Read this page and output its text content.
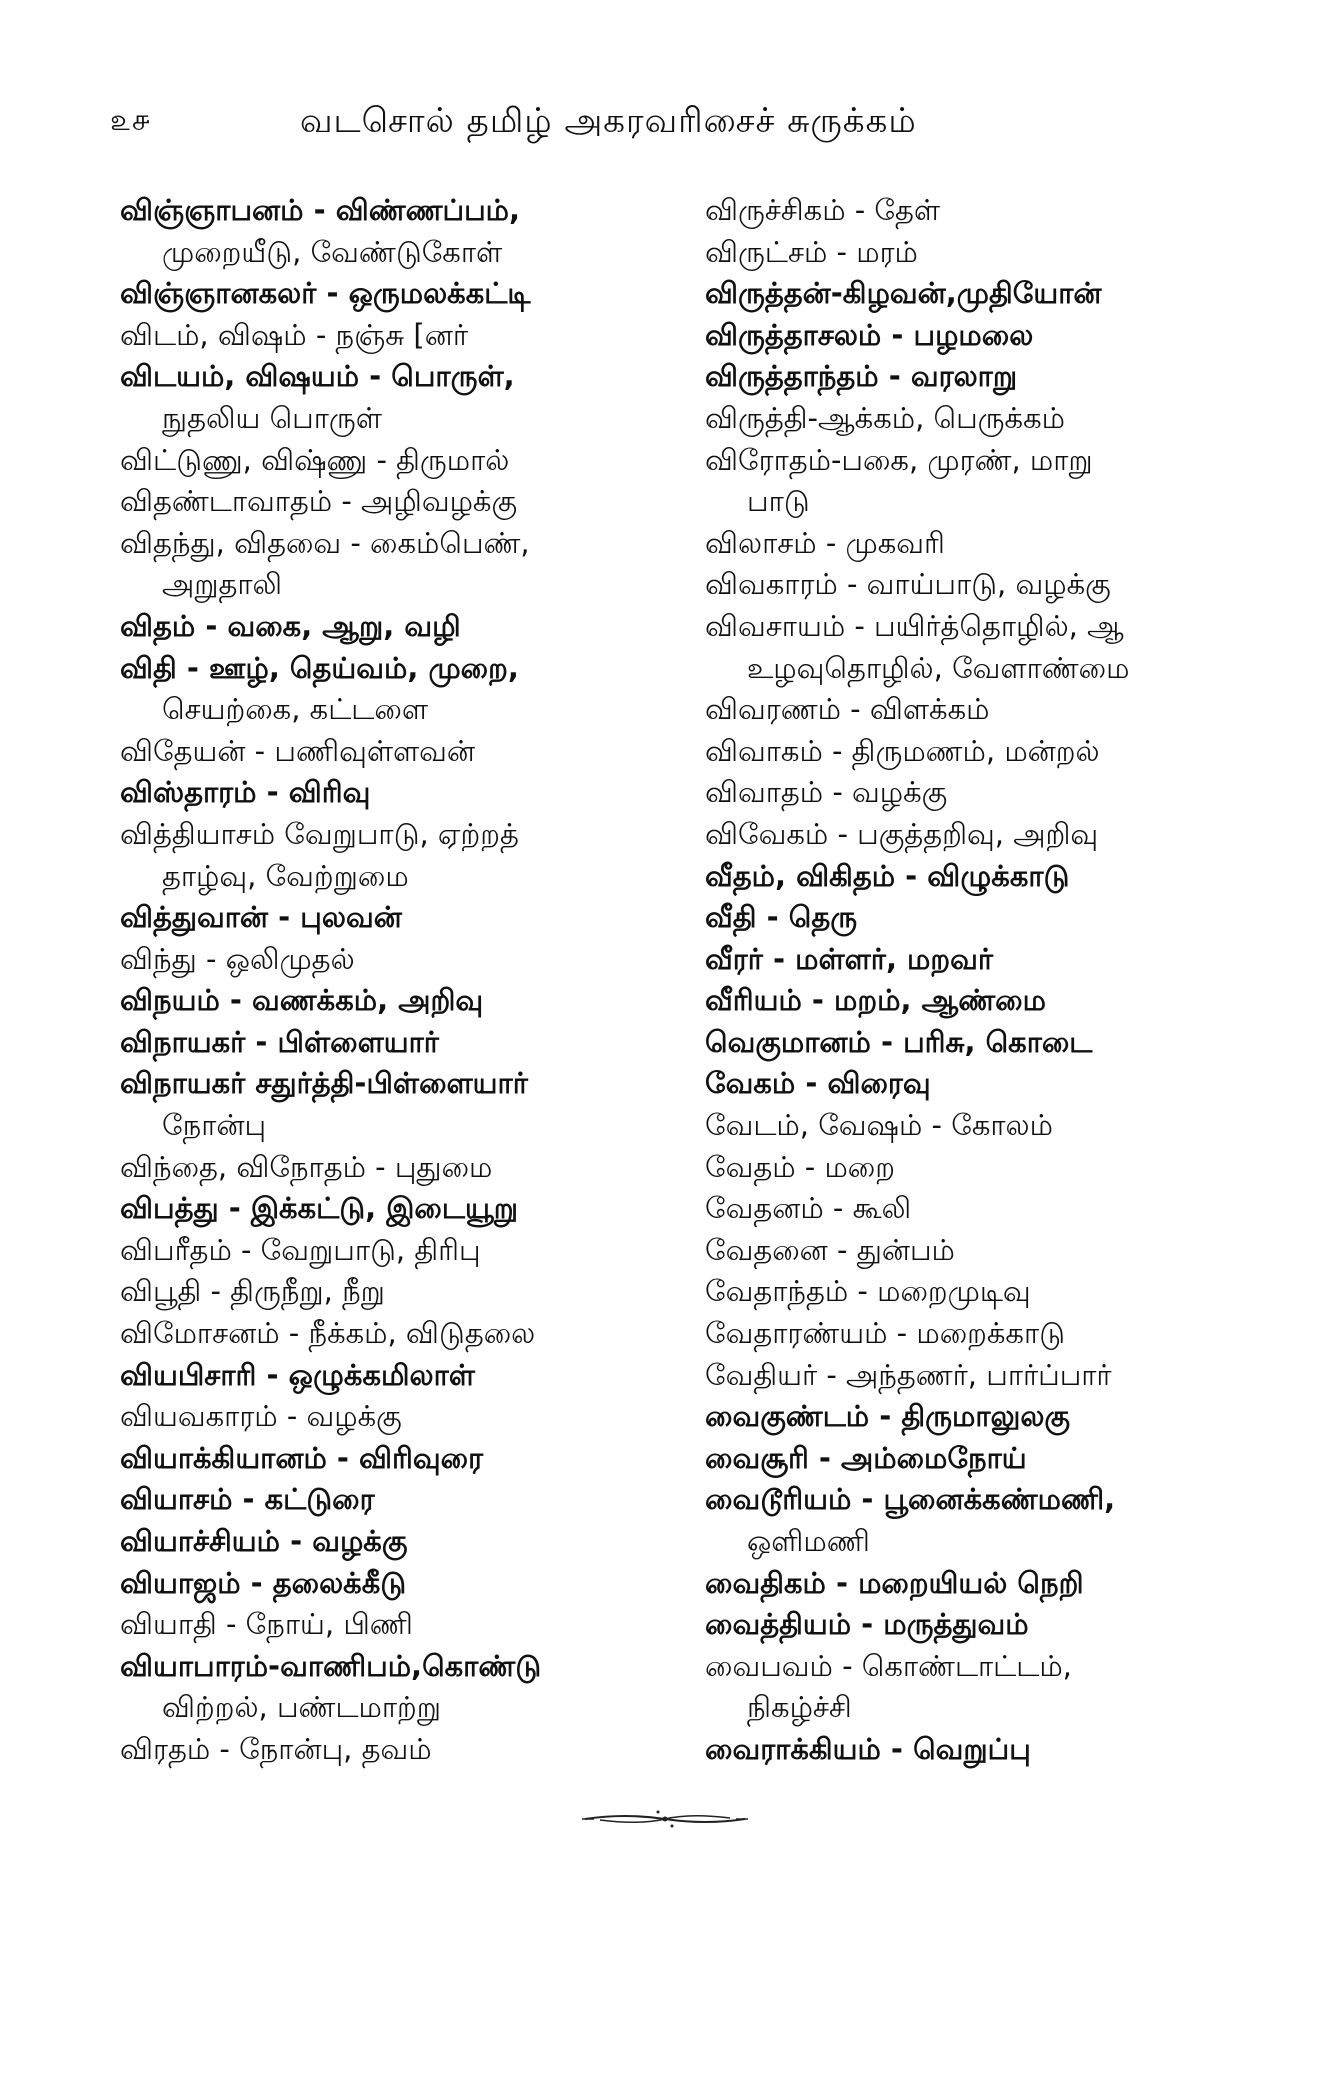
௨௪	வடசொல் தமிழ் அகரவரிசைச் சுருக்கம்
விஞ்ஞாபனம் - விண்ணப்பம்,
முறையீடு, வேண்டுகோள்
விஞ்ஞானகலர் - ஒருமலக்கட்டி
விடம், விஷம் - நஞ்சு [னர்
விடயம், விஷயம் - பொருள்,
நுதலிய பொருள்
விட்டுணு, விஷ்ணு - திருமால்
விதண்டாவாதம் - அழிவழக்கு
விதந்து, விதவை - கைம்பெண்,
அறுதாலி
விதம் - வகை, ஆறு, வழி
விதி - ஊழ், தெய்வம், முறை,
செயற்கை, கட்டளை
விதேயன் - பணிவுள்ளவன்
விஸ்தாரம் - விரிவு
வித்தியாசம் வேறுபாடு, ஏற்றத்
தாழ்வு, வேற்றுமை
வித்துவான் - புலவன்
விந்து - ஒலிமுதல்
விநயம் - வணக்கம், அறிவு
விநாயகர் - பிள்ளையார்
விநாயகர் சதுர்த்தி-பிள்ளையார்
நோன்பு
விந்தை, விநோதம் - புதுமை
விபத்து - இக்கட்டு, இடையூறு
விபரீதம் - வேறுபாடு, திரிபு
விபூதி - திருநீறு, நீறு
விமோசனம் - நீக்கம், விடுதலை
வியபிசாரி - ஒழுக்கமிலாள்
வியவகாரம் - வழக்கு
வியாக்கியானம் - விரிவுரை
வியாசம் - கட்டுரை
வியாச்சியம் - வழக்கு
வியாஜம் - தலைக்கீடு
வியாதி - நோய், பிணி
வியாபாரம்-வாணிபம்,கொண்டு
விற்றல், பண்டமாற்று
விரதம் - நோன்பு, தவம்
விருச்சிகம் - தேள்
விருட்சம் - மரம்
விருத்தன்-கிழவன்,முதியோன்
விருத்தாசலம் - பழமலை
விருத்தாந்தம் - வரலாறு
விருத்தி-ஆக்கம், பெருக்கம்
விரோதம்-பகை, முரண், மாறு
பாடு
விலாசம் - முகவரி
விவகாரம் - வாய்பாடு, வழக்கு
விவசாயம் - பயிர்த்தொழில், ஆ
உழவுதொழில், வேளாண்மை
விவரணம் - விளக்கம்
விவாகம் - திருமணம், மன்றல்
விவாதம் - வழக்கு
விவேகம் - பகுத்தறிவு, அறிவு
வீதம், விகிதம் - விழுக்காடு
வீதி - தெரு
வீரர் - மள்ளர், மறவர்
வீரியம் - மறம், ஆண்மை
வெகுமானம் - பரிசு, கொடை
வேகம் - விரைவு
வேடம், வேஷம் - கோலம்
வேதம் - மறை
வேதனம் - கூலி
வேதனை - துன்பம்
வேதாந்தம் - மறைமுடிவு
வேதாரண்யம் - மறைக்காடு
வேதியர் - அந்தணர், பார்ப்பார்
வைகுண்டம் - திருமாலுலகு
வைசூரி - அம்மைநோய்
வைடூரியம் - பூனைக்கண்மணி,
ஒளிமணி
வைதிகம் - மறையியல் நெறி
வைத்தியம் - மருத்துவம்
வைபவம் - கொண்டாட்டம்,
நிகழ்ச்சி
வைராக்கியம் - வெறுப்பு
